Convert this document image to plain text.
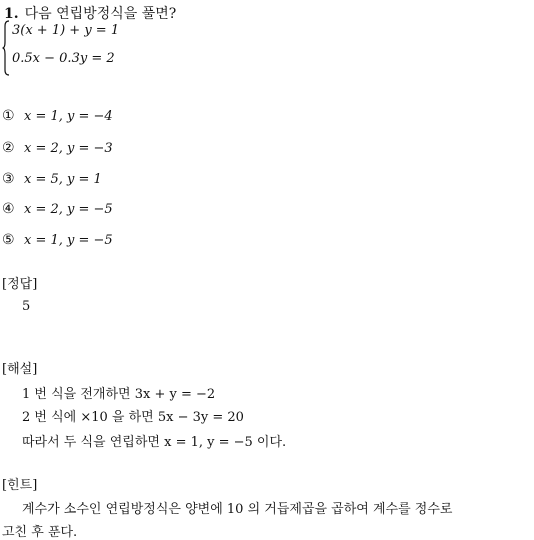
1. 다음 연립방정식을 풀면?
3(x + 1) + y = 1
0.5x − 0.3y = 2
① x = 1, y = −4
② x = 2, y = −3
③ x = 5, y = 1
④ x = 2, y = −5
⑤ x = 1, y = −5
[정답]
5
[해설]
1 번 식을 전개하면 3x + y = −2
2 번 식에 ×10 을 하면 5x − 3y = 20
따라서 두 식을 연립하면 x = 1, y = −5 이다.
[힌트]
계수가 소수인 연립방정식은 양변에 10 의 거듭제곱을 곱하여 계수를 정수로
고친 후 푼다.
